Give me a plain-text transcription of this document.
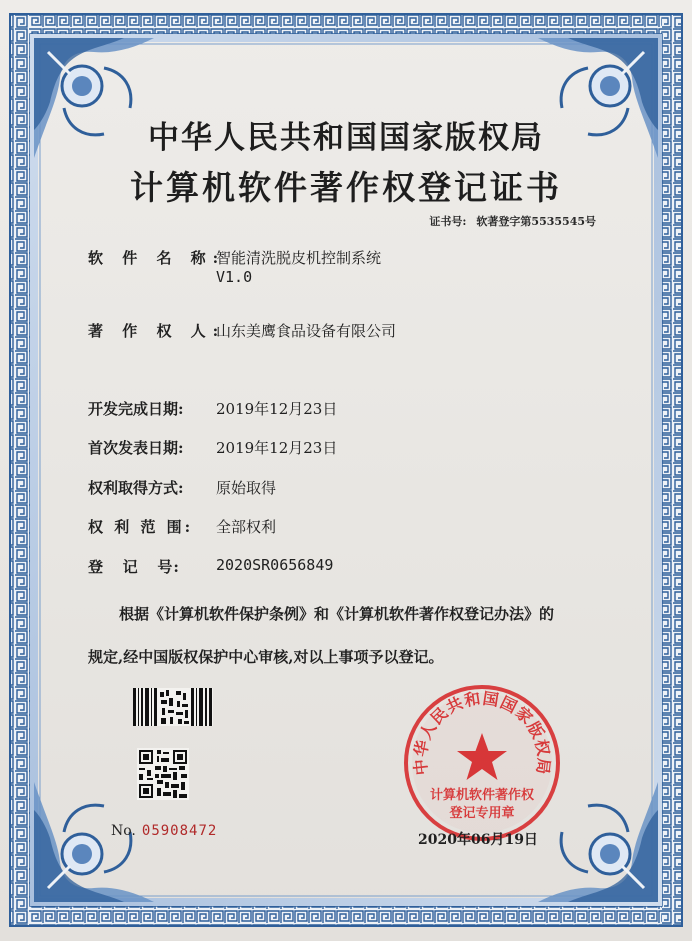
中华人民共和国国家版权局
计算机软件著作权登记证书
证书号: 软著登字第5535545号
软 件 名 称:
智能清洗脱皮机控制系统
V1.0
著 作 权 人:
山东美鹰食品设备有限公司
开发完成日期: 2019年12月23日
首次发表日期: 2019年12月23日
权利取得方式: 原始取得
权 利 范 围: 全部权利
登   记   号: 2020SR0656849
根据《计算机软件保护条例》和《计算机软件著作权登记办法》的
规定,经中国版权保护中心审核,对以上事项予以登记。
No. 05908472
中华人民共和国国家版权局
计算机软件著作权
登记专用章
2020年06月19日
